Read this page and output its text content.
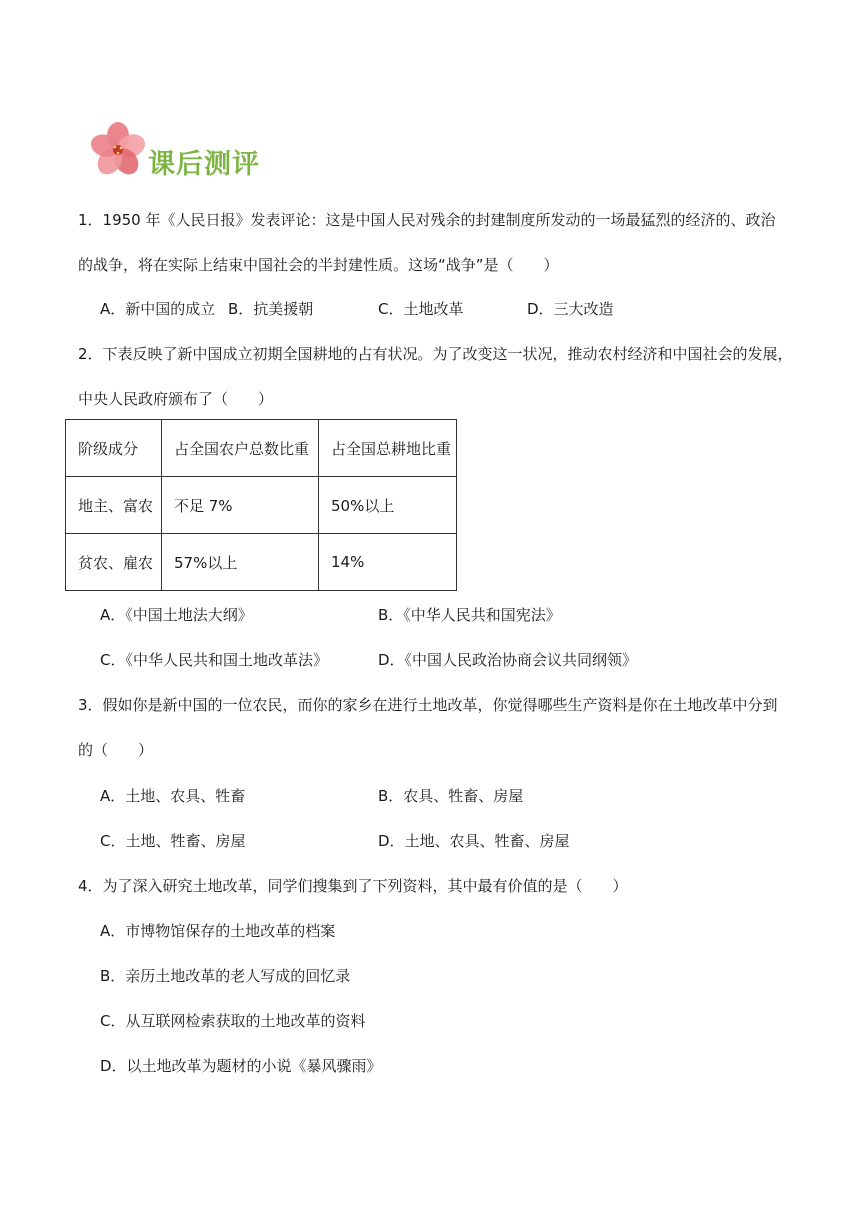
课后测评
1．1950 年《人民日报》发表评论：这是中国人民对残余的封建制度所发动的一场最猛烈的经济的、政治
的战争，将在实际上结束中国社会的半封建性质。这场“战争”是（　　）
A．新中国的成立 B．抗美援朝	C．土地改革	D．三大改造
2．下表反映了新中国成立初期全国耕地的占有状况。为了改变这一状况，推动农村经济和中国社会的发展，
中央人民政府颁布了（　　）
阶级成分	占全国农户总数比重	占全国总耕地比重
地主、富农	不足 7%	50%以上
贫农、雇农	57%以上	14%
A．《中国土地法大纲》	B．《中华人民共和国宪法》
C．《中华人民共和国土地改革法》	D．《中国人民政治协商会议共同纲领》
3．假如你是新中国的一位农民，而你的家乡在进行土地改革，你觉得哪些生产资料是你在土地改革中分到
的（　　）
A．土地、农具、牲畜	B．农具、牲畜、房屋
C．土地、牲畜、房屋	D．土地、农具、牲畜、房屋
4．为了深入研究土地改革，同学们搜集到了下列资料，其中最有价值的是（　　）
A．市博物馆保存的土地改革的档案
B．亲历土地改革的老人写成的回忆录
C．从互联网检索获取的土地改革的资料
D．以土地改革为题材的小说《暴风骤雨》
